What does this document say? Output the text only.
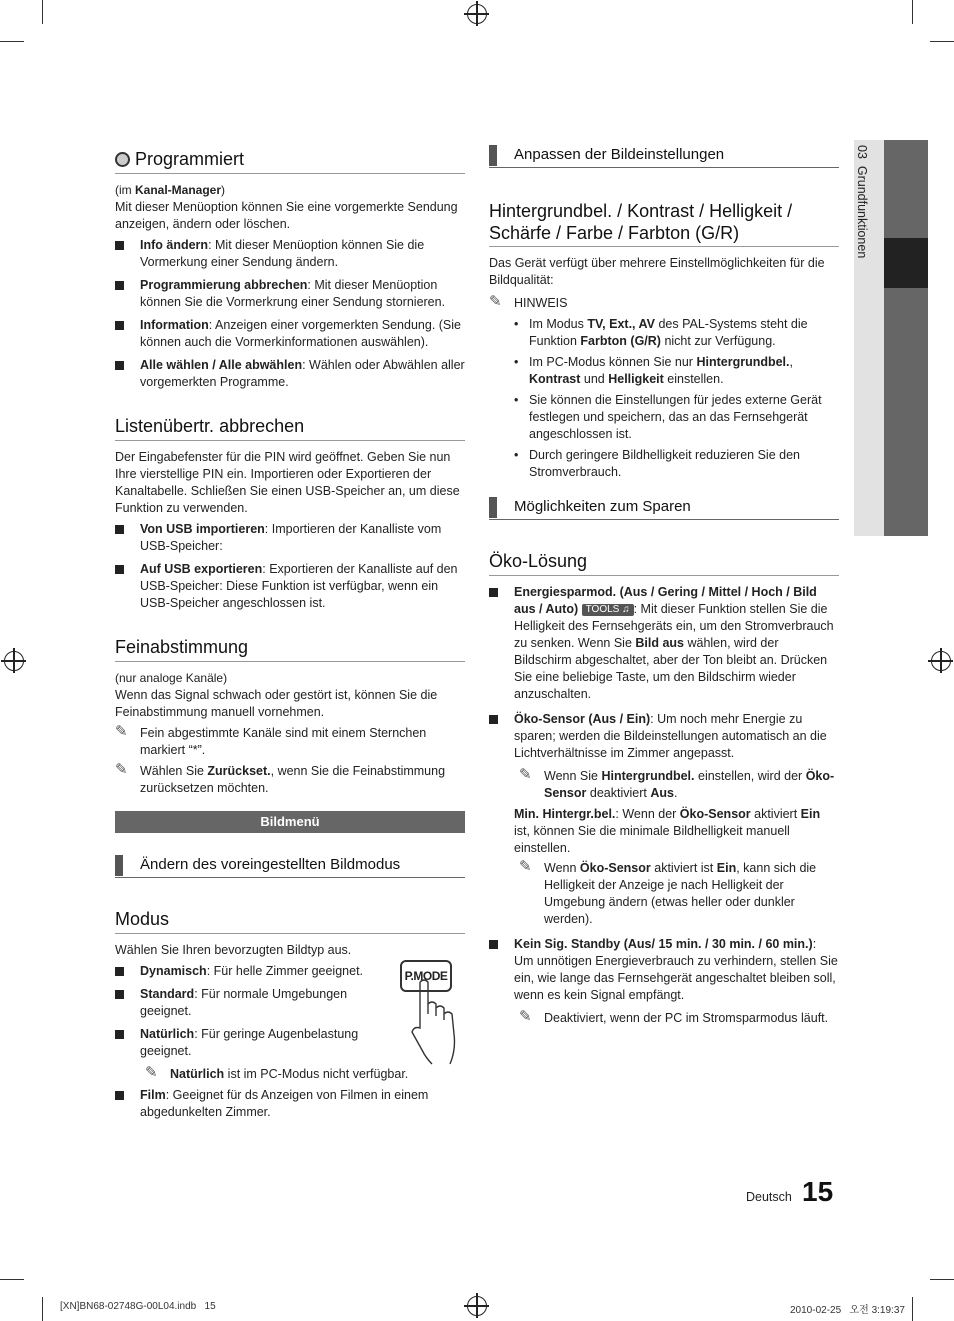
03  Grundfunktionen
Programmiert

(im Kanal-Manager)

Mit dieser Menüoption können Sie eine vorgemerkte Sendung anzeigen, ändern oder löschen.

Info ändern: Mit dieser Menüoption können Sie die Vormerkung einer Sendung ändern.
Programmierung abbrechen: Mit dieser Menüoption können Sie die Vormerkrung einer Sendung stornieren.
Information: Anzeigen einer vorgemerkten Sendung. (Sie können auch die Vormerkinformationen auswählen).
Alle wählen / Alle abwählen: Wählen oder Abwählen aller vorgemerkten Programme.
Listenübertr. abbrechen

Der Eingabefenster für die PIN wird geöffnet. Geben Sie nun Ihre vierstellige PIN ein. Importieren oder Exportieren der Kanaltabelle. Schließen Sie einen USB-Speicher an, um diese Funktion zu verwenden.

Von USB importieren: Importieren der Kanalliste vom USB-Speicher:
Auf USB exportieren: Exportieren der Kanalliste auf den USB-Speicher: Diese Funktion ist verfügbar, wenn ein USB-Speicher angeschlossen ist.
Feinabstimmung

(nur analoge Kanäle)

Wenn das Signal schwach oder gestört ist, können Sie die Feinabstimmung manuell vornehmen.

✎ Fein abgestimmte Kanäle sind mit einem Sternchen markiert “*”.
✎ Wählen Sie Zurückset., wenn Sie die Feinabstimmung zurücksetzen möchten.
Bildmenü
Ändern des voreingestellten Bildmodus
Modus

Wählen Sie Ihren bevorzugten Bildtyp aus.

Dynamisch: Für helle Zimmer geeignet.
Standard: Für normale Umgebungen geeignet.
Natürlich: Für geringe Augenbelastung geeignet.
✎ Natürlich ist im PC-Modus nicht verfügbar.
Film: Geeignet für ds Anzeigen von Filmen in einem abgedunkelten Zimmer.
P.MODE
Anpassen der Bildeinstellungen
Hintergrundbel. / Kontrast / Helligkeit / Schärfe / Farbe / Farbton (G/R)

Das Gerät verfügt über mehrere Einstellmöglichkeiten für die Bildqualität:

✎ HINWEIS
• Im Modus TV, Ext., AV des PAL-Systems steht die Funktion Farbton (G/R) nicht zur Verfügung.
• Im PC-Modus können Sie nur Hintergrundbel., Kontrast und Helligkeit einstellen.
• Sie können die Einstellungen für jedes externe Gerät festlegen und speichern, das an das Fernsehgerät angeschlossen ist.
• Durch geringere Bildhelligkeit reduzieren Sie den Stromverbrauch.
Möglichkeiten zum Sparen
Öko-Lösung
Energiesparmod. (Aus / Gering / Mittel / Hoch / Bild aus / Auto) TOOLS ♫ : Mit dieser Funktion stellen Sie die Helligkeit des Fernsehgeräts ein, um den Stromverbrauch zu senken. Wenn Sie Bild aus wählen, wird der Bildschirm abgeschaltet, aber der Ton bleibt an. Drücken Sie eine beliebige Taste, um den Bildschirm wieder anzuschalten.
Öko-Sensor (Aus / Ein): Um noch mehr Energie zu sparen; werden die Bildeinstellungen automatisch an die Lichtverhältnisse im Zimmer angepasst.
✎ Wenn Sie Hintergrundbel. einstellen, wird der Öko-Sensor deaktiviert Aus.

Min. Hintergr.bel.: Wenn der Öko-Sensor aktiviert Ein ist, können Sie die minimale Bildhelligkeit manuell einstellen.

✎ Wenn Öko-Sensor aktiviert ist Ein, kann sich die Helligkeit der Anzeige je nach Helligkeit der Umgebung ändern (etwas heller oder dunkler werden).
Kein Sig. Standby (Aus/ 15 min. / 30 min. / 60 min.): Um unnötigen Energieverbrauch zu verhindern, stellen Sie ein, wie lange das Fernsehgerät angeschaltet bleiben soll, wenn es kein Signal empfängt.
✎ Deaktiviert, wenn der PC im Stromsparmodus läuft.
Deutsch 15
[XN]BN68-02748G-00L04.indb   15	2010-02-25   오전 3:19:37
